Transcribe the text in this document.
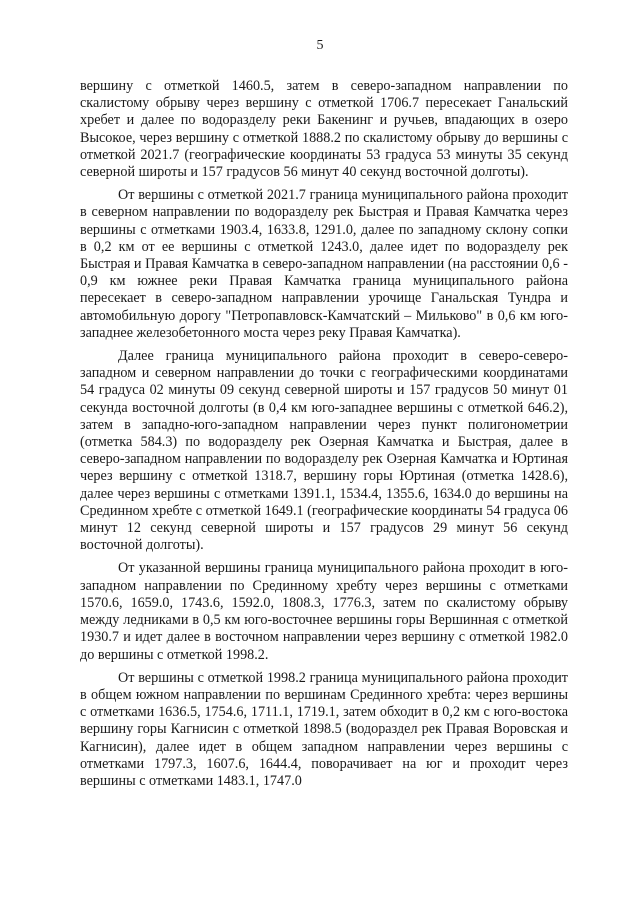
5

вершину с отметкой 1460.5, затем в северо-западном направлении по скалистому обрыву через вершину с отметкой 1706.7 пересекает Ганальский хребет и далее по водоразделу реки Бакенинг и ручьев, впадающих в озеро Высокое, через вершину с отметкой 1888.2 по скалистому обрыву до вершины с отметкой 2021.7 (географические координаты 53 градуса 53 минуты 35 секунд северной широты и 157 градусов 56 минут 40 секунд восточной долготы).

От вершины с отметкой 2021.7 граница муниципального района проходит в северном направлении по водоразделу рек Быстрая и Правая Камчатка через вершины с отметками 1903.4, 1633.8, 1291.0, далее по западному склону сопки в 0,2 км от ее вершины с отметкой 1243.0, далее идет по водоразделу рек Быстрая и Правая Камчатка в северо-западном направлении (на расстоянии 0,6 - 0,9 км южнее реки Правая Камчатка граница муниципального района пересекает в северо-западном направлении урочище Ганальская Тундра и автомобильную дорогу "Петропавловск-Камчатский – Мильково" в 0,6 км юго-западнее железобетонного моста через реку Правая Камчатка).

Далее граница муниципального района проходит в северо-северо-западном и северном направлении до точки с географическими координатами 54 градуса 02 минуты 09 секунд северной широты и 157 градусов 50 минут 01 секунда восточной долготы (в 0,4 км юго-западнее вершины с отметкой 646.2), затем в западно-юго-западном направлении через пункт полигонометрии (отметка 584.3) по водоразделу рек Озерная Камчатка и Быстрая, далее в северо-западном направлении по водоразделу рек Озерная Камчатка и Юртиная через вершину с отметкой 1318.7, вершину горы Юртиная (отметка 1428.6), далее через вершины с отметками 1391.1, 1534.4, 1355.6, 1634.0 до вершины на Срединном хребте с отметкой 1649.1 (географические координаты 54 градуса 06 минут 12 секунд северной широты и 157 градусов 29 минут 56 секунд восточной долготы).

От указанной вершины граница муниципального района проходит в юго-западном направлении по Срединному хребту через вершины с отметками 1570.6, 1659.0, 1743.6, 1592.0, 1808.3, 1776.3, затем по скалистому обрыву между ледниками в 0,5 км юго-восточнее вершины горы Вершинная с отметкой 1930.7 и идет далее в восточном направлении через вершину с отметкой 1982.0 до вершины с отметкой 1998.2.

От вершины с отметкой 1998.2 граница муниципального района проходит в общем южном направлении по вершинам Срединного хребта: через вершины с отметками 1636.5, 1754.6, 1711.1, 1719.1, затем обходит в 0,2 км с юго-востока вершину горы Кагнисин с отметкой 1898.5 (водораздел рек Правая Воровская и Кагнисин), далее идет в общем западном направлении через вершины с отметками 1797.3, 1607.6, 1644.4, поворачивает на юг и проходит через вершины с отметками 1483.1, 1747.0
